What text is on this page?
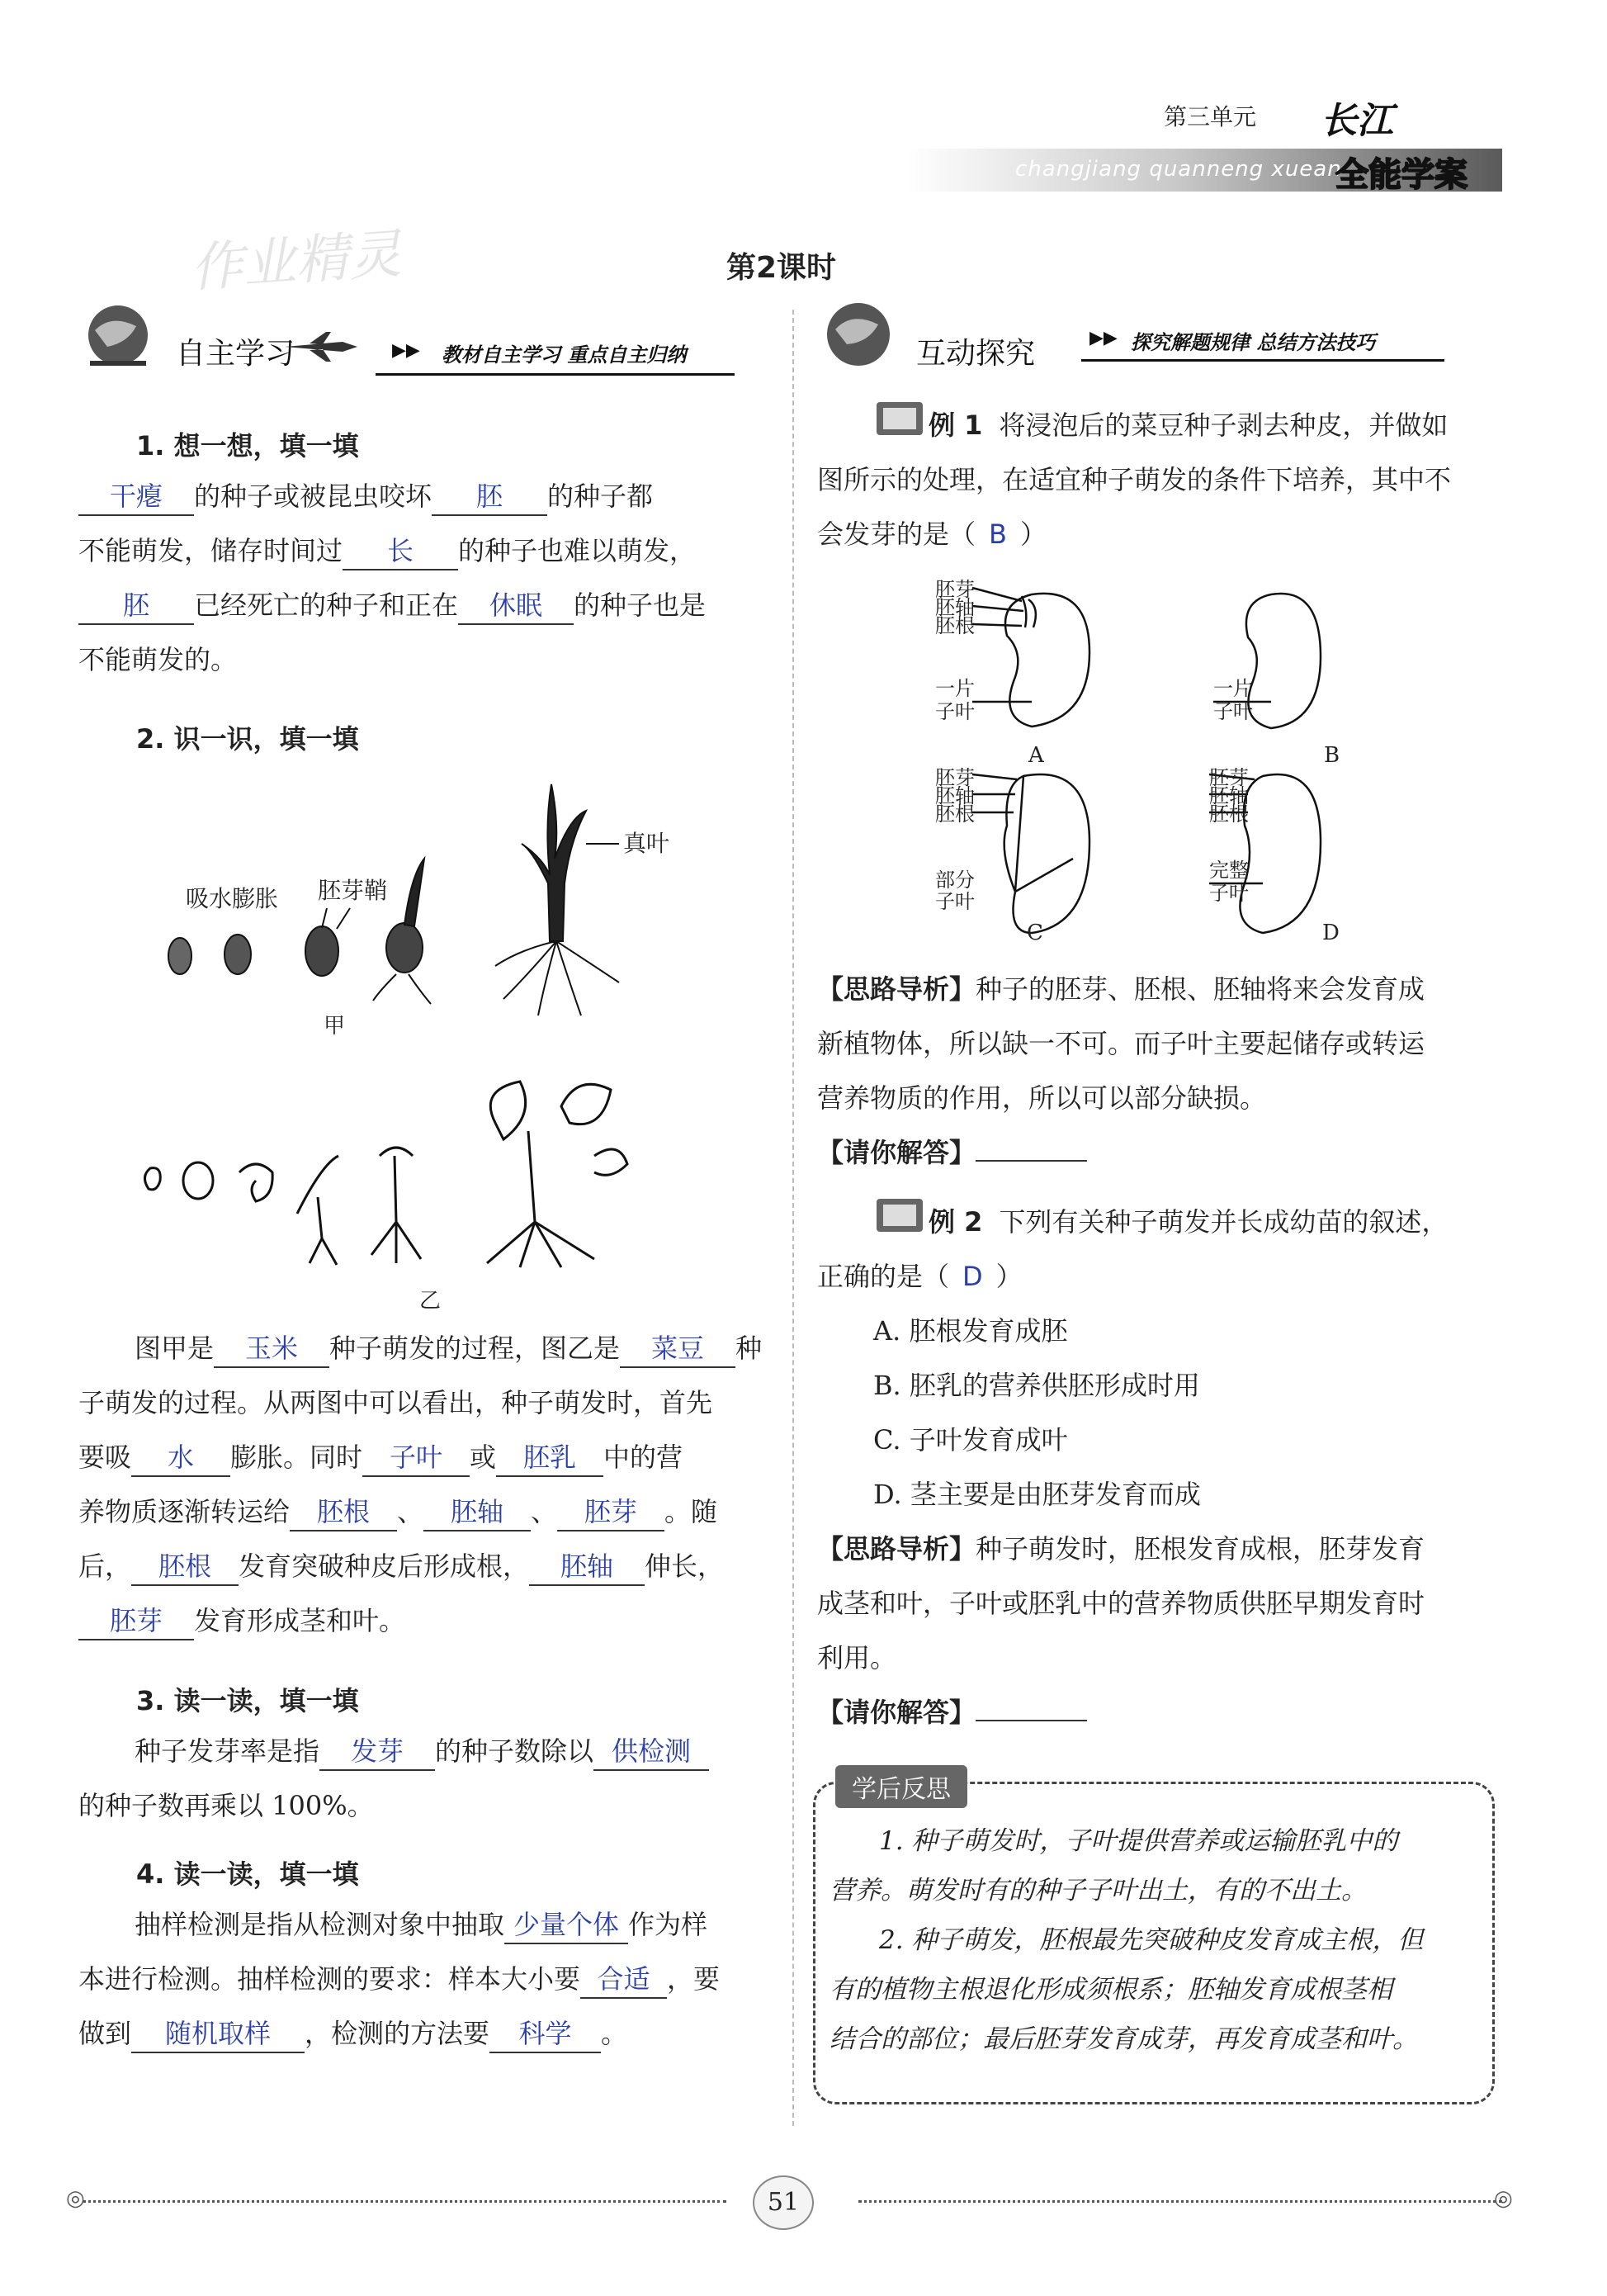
第三单元
changjiang quanneng xuean
长江
全能学案
作业精灵	第2课时
自主学习	▶▶ 教材自主学习 重点自主归纳
1. 想一想，填一填
干瘪 的种子或被昆虫咬坏 胚 的种子都
不能萌发，储存时间过 长 的种子也难以萌发，
胚 已经死亡的种子和正在 休眠 的种子也是
不能萌发的。
2. 识一识，填一填
吸水膨胀 胚芽鞘
真叶
甲
乙
图甲是 玉米 种子萌发的过程，图乙是 菜豆 种
子萌发的过程。从两图中可以看出，种子萌发时，首先
要吸 水 膨胀。同时 子叶 或 胚乳 中的营
养物质逐渐转运给 胚根 、 胚轴 、 胚芽 。随
后， 胚根 发育突破种皮后形成根， 胚轴 伸长，
胚芽 发育形成茎和叶。
3. 读一读，填一填
种子发芽率是指 发芽 的种子数除以 供检测
的种子数再乘以 100%。
4. 读一读，填一填
抽样检测是指从检测对象中抽取 少量个体 作为样
本进行检测。抽样检测的要求：样本大小要 合适 ，要
做到 随机取样 ，检测的方法要 科学 。
互动探究	▶▶ 探究解题规律 总结方法技巧
例 1 将浸泡后的菜豆种子剥去种皮，并做如
图所示的处理，在适宜种子萌发的条件下培养，其中不
会发芽的是（ B ）
胚芽
胚轴
胚根
一片
子叶
A
一片
子叶
B
胚芽
胚轴
胚根
部分
子叶
C
胚芽
胚轴
胚根
完整
子叶
D
【思路导析】种子的胚芽、胚根、胚轴将来会发育成
新植物体，所以缺一不可。而子叶主要起储存或转运
营养物质的作用，所以可以部分缺损。
【请你解答】
例 2 下列有关种子萌发并长成幼苗的叙述，
正确的是（ D ）
A. 胚根发育成胚
B. 胚乳的营养供胚形成时用
C. 子叶发育成叶
D. 茎主要是由胚芽发育而成
【思路导析】种子萌发时，胚根发育成根，胚芽发育
成茎和叶，子叶或胚乳中的营养物质供胚早期发育时
利用。
【请你解答】
学后反思
1. 种子萌发时，子叶提供营养或运输胚乳中的
营养。萌发时有的种子子叶出土，有的不出土。
2. 种子萌发，胚根最先突破种皮发育成主根，但
有的植物主根退化形成须根系；胚轴发育成根茎相
结合的部位；最后胚芽发育成芽，再发育成茎和叶。
◎	◎
51
